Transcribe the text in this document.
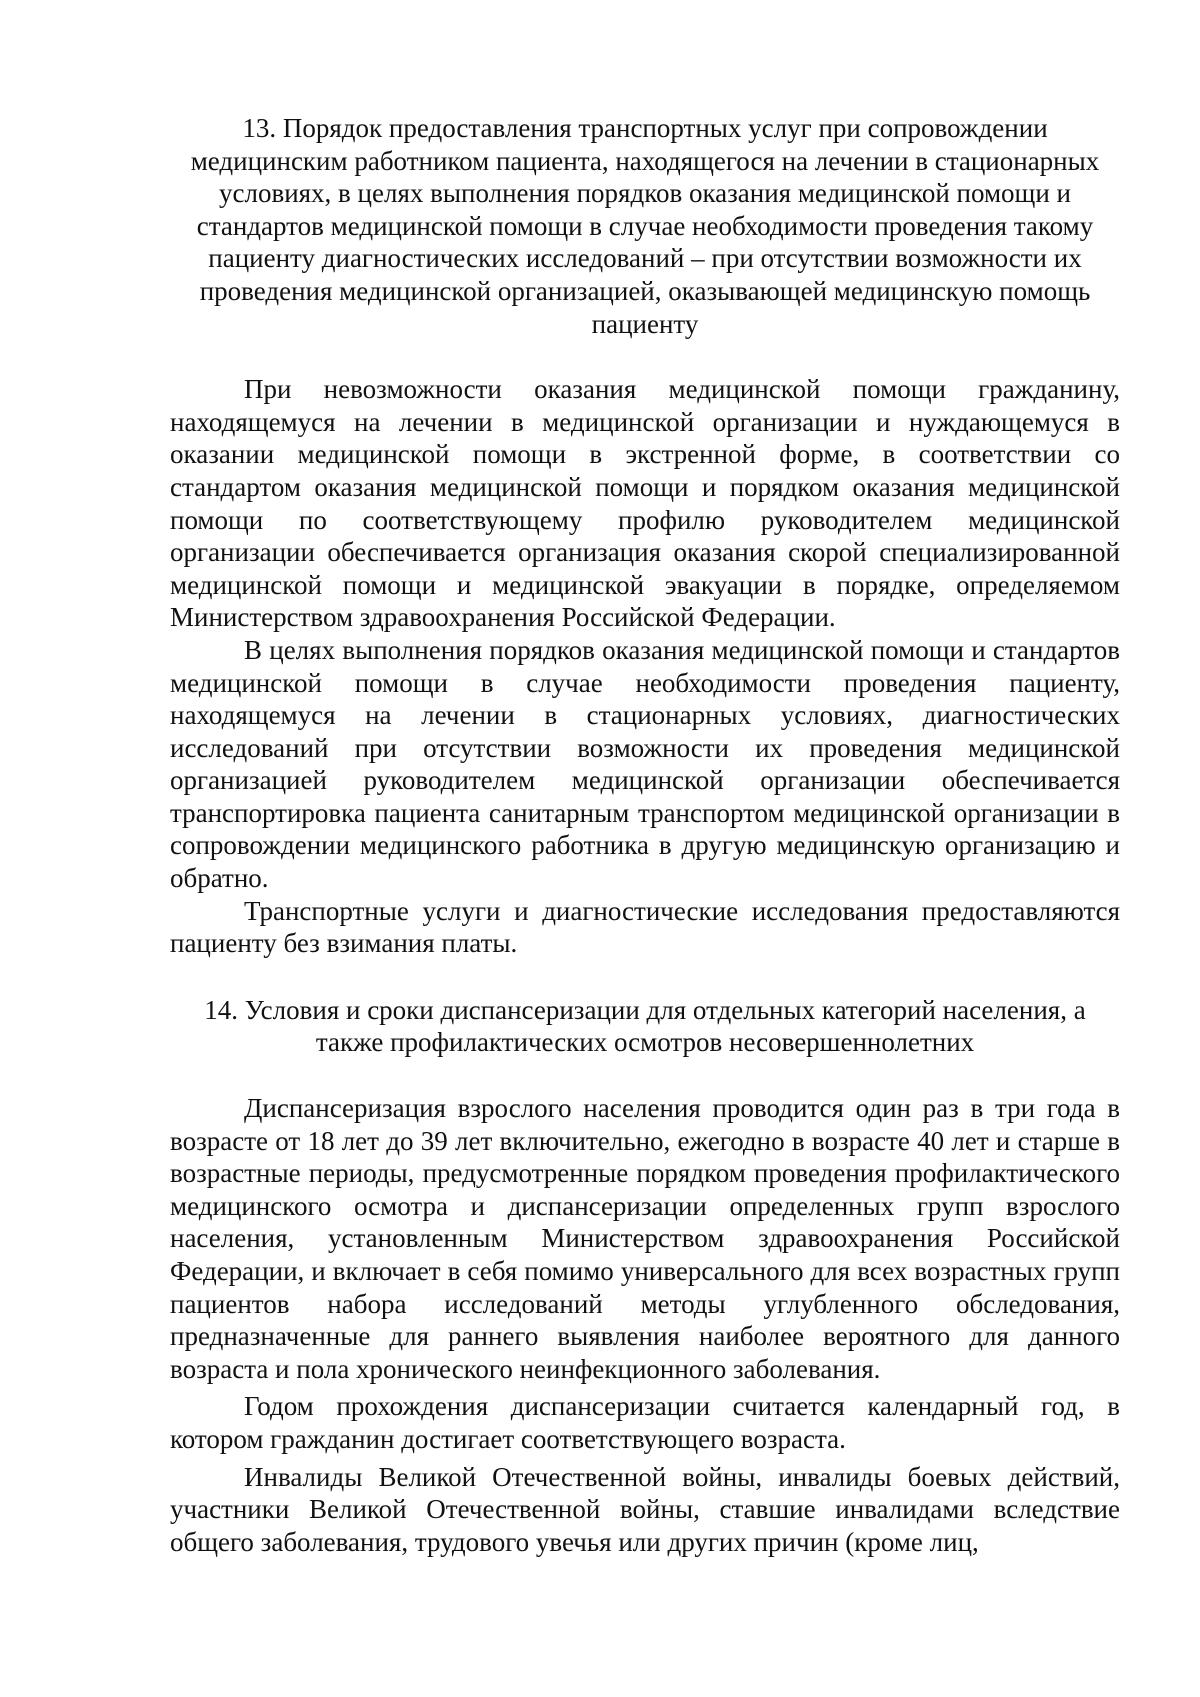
13. Порядок предоставления транспортных услуг при сопровождении медицинским работником пациента, находящегося на лечении в стационарных условиях, в целях выполнения порядков оказания медицинской помощи и стандартов медицинской помощи в случае необходимости проведения такому пациенту диагностических исследований – при отсутствии возможности их проведения медицинской организацией, оказывающей медицинскую помощь пациенту

При невозможности оказания медицинской помощи гражданину, находящемуся на лечении в медицинской организации и нуждающемуся в оказании медицинской помощи в экстренной форме, в соответствии со стандартом оказания медицинской помощи и порядком оказания медицинской помощи по соответствующему профилю руководителем медицинской организации обеспечивается организация оказания скорой специализированной медицинской помощи и медицинской эвакуации в порядке, определяемом Министерством здравоохранения Российской Федерации.

В целях выполнения порядков оказания медицинской помощи и стандартов медицинской помощи в случае необходимости проведения пациенту, находящемуся на лечении в стационарных условиях, диагностических исследований при отсутствии возможности их проведения медицинской организацией руководителем медицинской организации обеспечивается транспортировка пациента санитарным транспортом медицинской организации в сопровождении медицинского работника в другую медицинскую организацию и обратно.

Транспортные услуги и диагностические исследования предоставляются пациенту без взимания платы.

14. Условия и сроки диспансеризации для отдельных категорий населения, а также профилактических осмотров несовершеннолетних

Диспансеризация взрослого населения проводится один раз в три года в возрасте от 18 лет до 39 лет включительно, ежегодно в возрасте 40 лет и старше в возрастные периоды, предусмотренные порядком проведения профилактического медицинского осмотра и диспансеризации определенных групп взрослого населения, установленным Министерством здравоохранения Российской Федерации, и включает в себя помимо универсального для всех возрастных групп пациентов набора исследований методы углубленного обследования, предназначенные для раннего выявления наиболее вероятного для данного возраста и пола хронического неинфекционного заболевания.

Годом прохождения диспансеризации считается календарный год, в котором гражданин достигает соответствующего возраста.

Инвалиды Великой Отечественной войны, инвалиды боевых действий, участники Великой Отечественной войны, ставшие инвалидами вследствие общего заболевания, трудового увечья или других причин (кроме лиц,
